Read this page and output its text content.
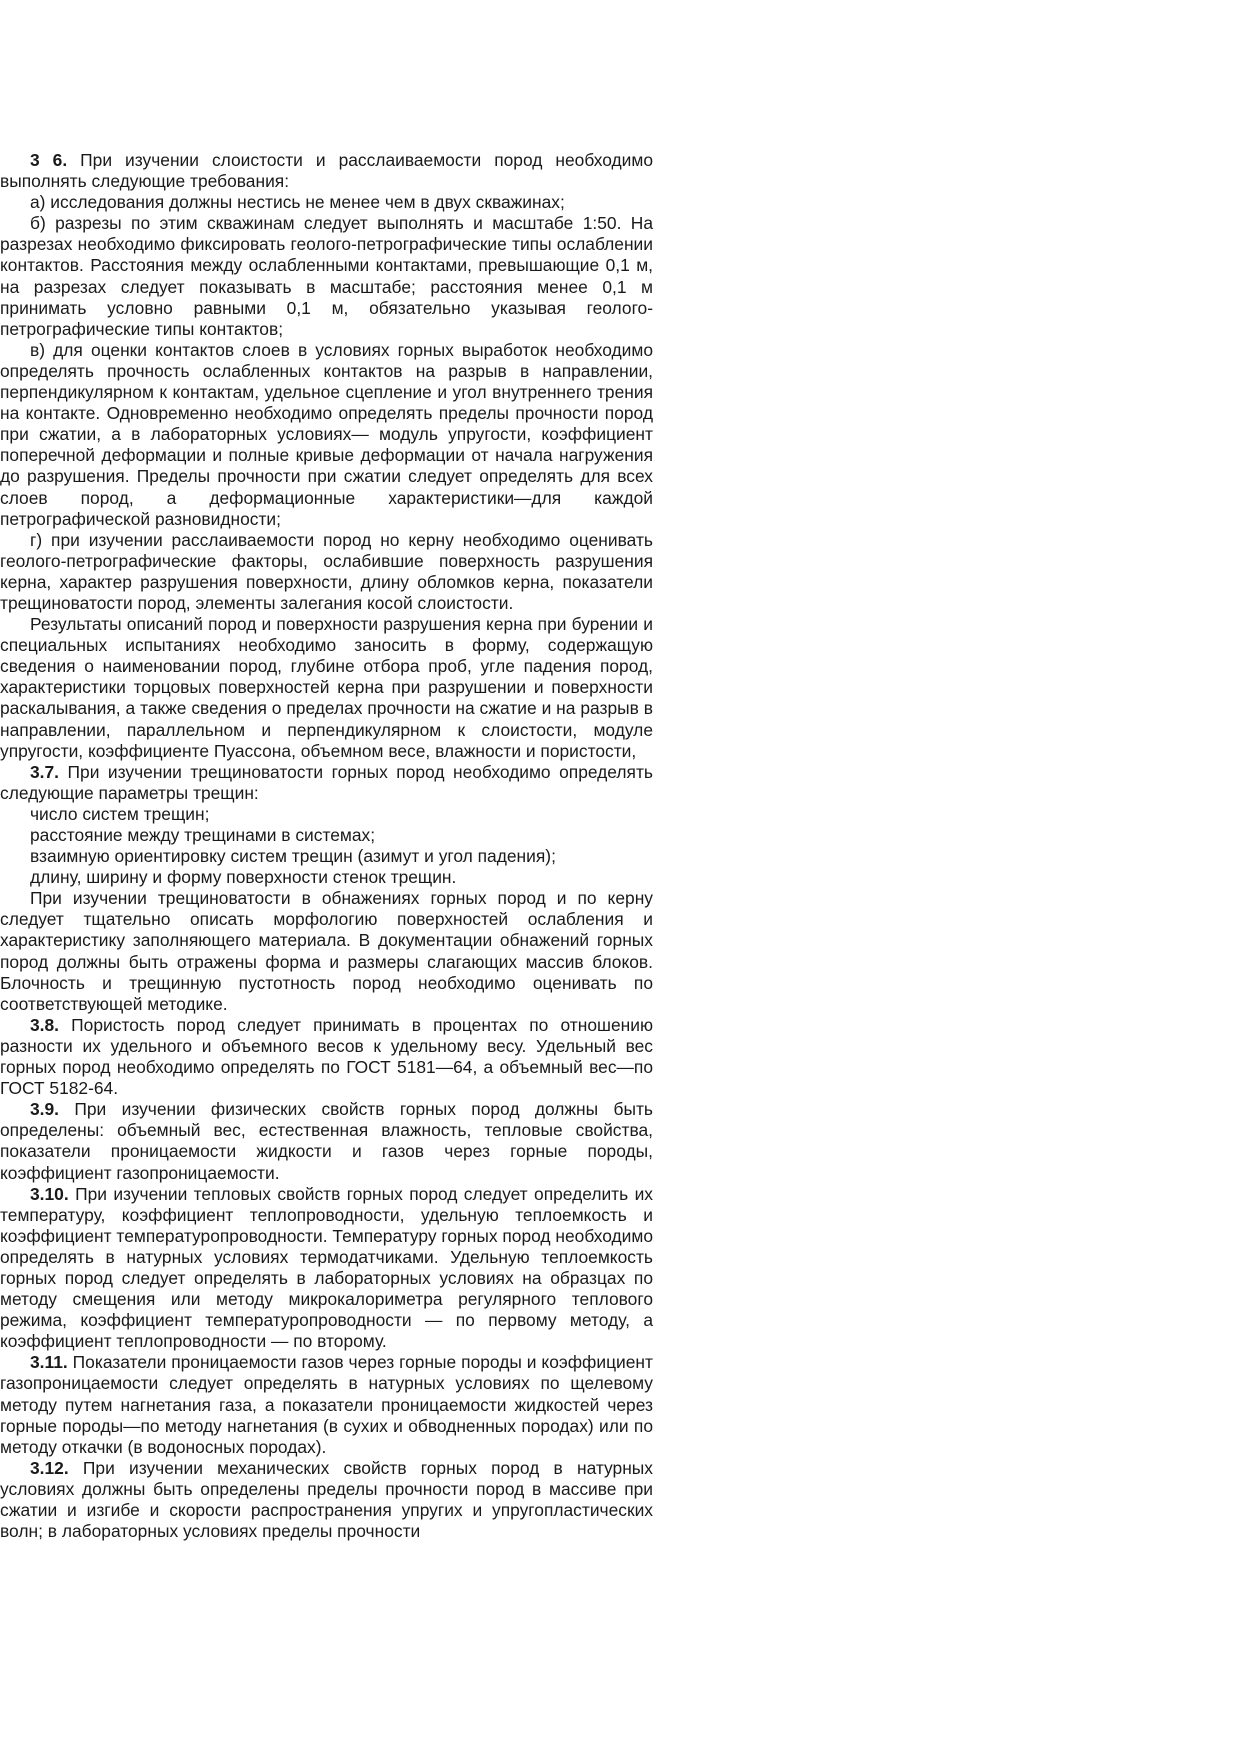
3 6. При изучении слоистости и расслаиваемости пород необходимо выполнять следующие требования:

а) исследования должны нестись не менее чем в двух скважинах;

б) разрезы по этим скважинам следует выполнять и масштабе 1:50. На разрезах необходимо фиксировать геолого-петрографические типы ослаблении контактов. Расстояния между ослабленными контактами, превышающие 0,1 м, на разрезах следует показывать в масштабе; расстояния менее 0,1 м принимать условно равными 0,1 м, обязательно указывая геолого-петрографические типы контактов;

в) для оценки контактов слоев в условиях горных выработок необходимо определять прочность ослабленных контактов на разрыв в направлении, перпендикулярном к контактам, удельное сцепление и угол внутреннего трения на контакте. Одновременно необходимо определять пределы прочности пород при сжатии, а в лабораторных условиях— модуль упругости, коэффициент поперечной деформации и полные кривые деформации от начала нагружения до разрушения. Пределы прочности при сжатии следует определять для всех слоев пород, а деформационные характеристики—для каждой петрографической разновидности;

г) при изучении расслаиваемости пород но керну необходимо оценивать геолого-петрографические факторы, ослабившие поверхность разрушения керна, характер разрушения поверхности, длину обломков керна, показатели трещиноватости пород, элементы залегания косой слоистости.

Результаты описаний пород и поверхности разрушения керна при бурении и специальных испытаниях необходимо заносить в форму, содержащую сведения о наименовании пород, глубине отбора проб, угле падения пород, характеристики торцовых поверхностей керна при разрушении и поверхности раскалывания, а также сведения о пределах прочности на сжатие и на разрыв в направлении, параллельном и перпендикулярном к слоистости, модуле упругости, коэффициенте Пуассона, объемном весе, влажности и пористости,

3.7. При изучении трещиноватости горных пород необходимо определять следующие параметры трещин:

число систем трещин;

расстояние между трещинами в системах;

взаимную ориентировку систем трещин (азимут и угол падения);

длину, ширину и форму поверхности стенок трещин.

При изучении трещиноватости в обнажениях горных пород и по керну следует тщательно описать морфологию поверхностей ослабления и характеристику заполняющего материала. В документации обнажений горных пород должны быть отражены форма и размеры слагающих массив блоков. Блочность и трещинную пустотность пород необходимо оценивать по соответствующей методике.

3.8. Пористость пород следует принимать в процентах по отношению разности их удельного и объемного весов к удельному весу. Удельный вес горных пород необходимо определять по ГОСТ 5181—64, а объемный вес—по ГОСТ 5182-64.

3.9. При изучении физических свойств горных пород должны быть определены: объемный вес, естественная влажность, тепловые свойства, показатели проницаемости жидкости и газов через горные породы, коэффициент газопроницаемости.

3.10. При изучении тепловых свойств горных пород следует определить их температуру, коэффициент теплопроводности, удельную теплоемкость и коэффициент температуропроводности. Температуру горных пород необходимо определять в натурных условиях термодатчиками. Удельную теплоемкость горных пород следует определять в лабораторных условиях на образцах по методу смещения или методу микрокалориметра регулярного теплового режима, коэффициент температуропроводности — по первому методу, а коэффициент теплопроводности — по второму.

3.11. Показатели проницаемости газов через горные породы и коэффициент газопроницаемости следует определять в натурных условиях по щелевому методу путем нагнетания газа, а показатели проницаемости жидкостей через горные породы—по методу нагнетания (в сухих и обводненных породах) или по методу откачки (в водоносных породах).

3.12. При изучении механических свойств горных пород в натурных условиях должны быть определены пределы прочности пород в массиве при сжатии и изгибе и скорости распространения упругих и упругопластических волн; в лабораторных условиях пределы прочности
